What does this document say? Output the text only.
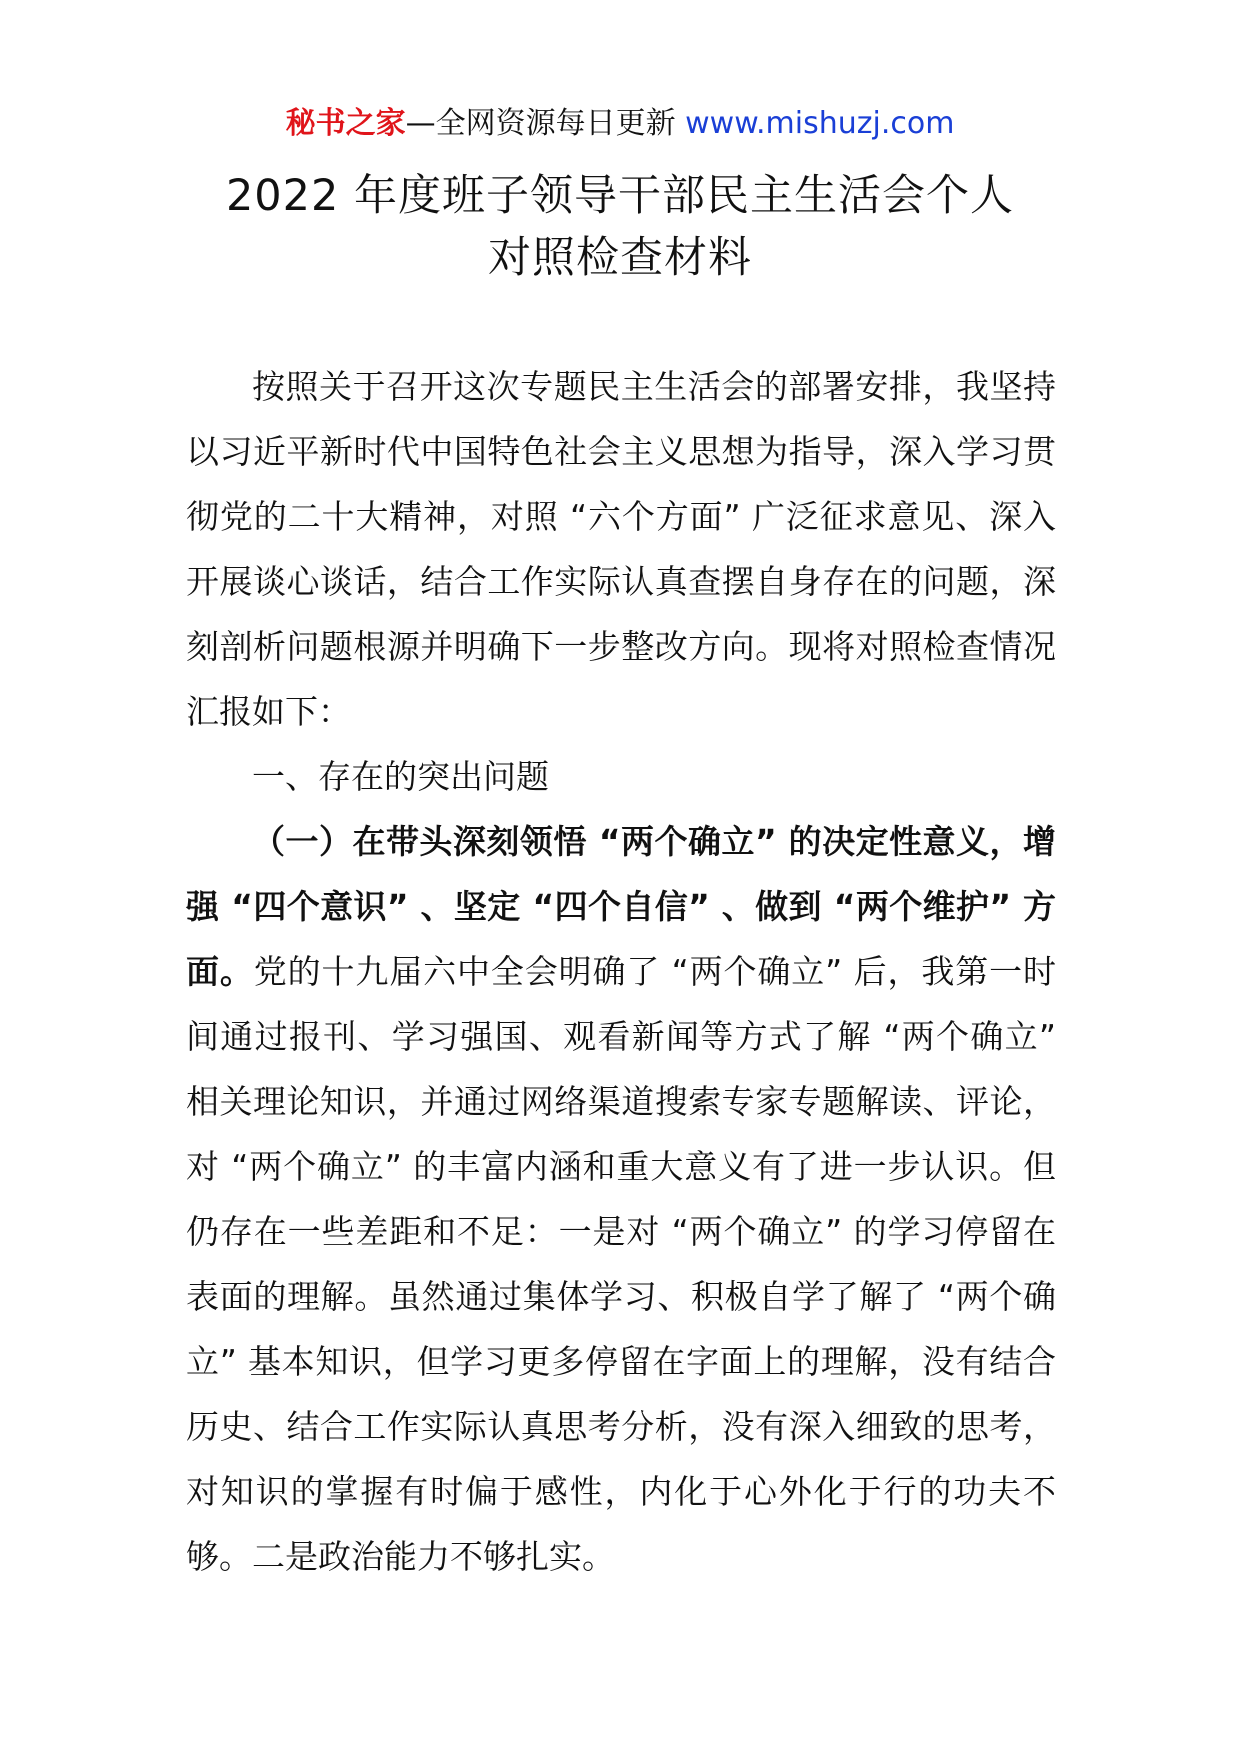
秘书之家—全网资源每日更新 www.mishuzj.com
2022 年度班子领导干部民主生活会个人
对照检查材料

按照关于召开这次专题民主生活会的部署安排，我坚持以习近平新时代中国特色社会主义思想为指导，深入学习贯彻党的二十大精神，对照 “六个方面” 广泛征求意见、深入开展谈心谈话，结合工作实际认真查摆自身存在的问题，深刻剖析问题根源并明确下一步整改方向。现将对照检查情况汇报如下：

一、存在的突出问题

（一）在带头深刻领悟 “两个确立” 的决定性意义，增强 “四个意识” 、坚定 “四个自信” 、做到 “两个维护” 方面。党的十九届六中全会明确了 “两个确立” 后，我第一时间通过报刊、学习强国、观看新闻等方式了解 “两个确立” 相关理论知识，并通过网络渠道搜索专家专题解读、评论，对 “两个确立” 的丰富内涵和重大意义有了进一步认识。但仍存在一些差距和不足：一是对 “两个确立” 的学习停留在表面的理解。虽然通过集体学习、积极自学了解了 “两个确立” 基本知识，但学习更多停留在字面上的理解，没有结合历史、结合工作实际认真思考分析，没有深入细致的思考，对知识的掌握有时偏于感性，内化于心外化于行的功夫不够。二是政治能力不够扎实。
